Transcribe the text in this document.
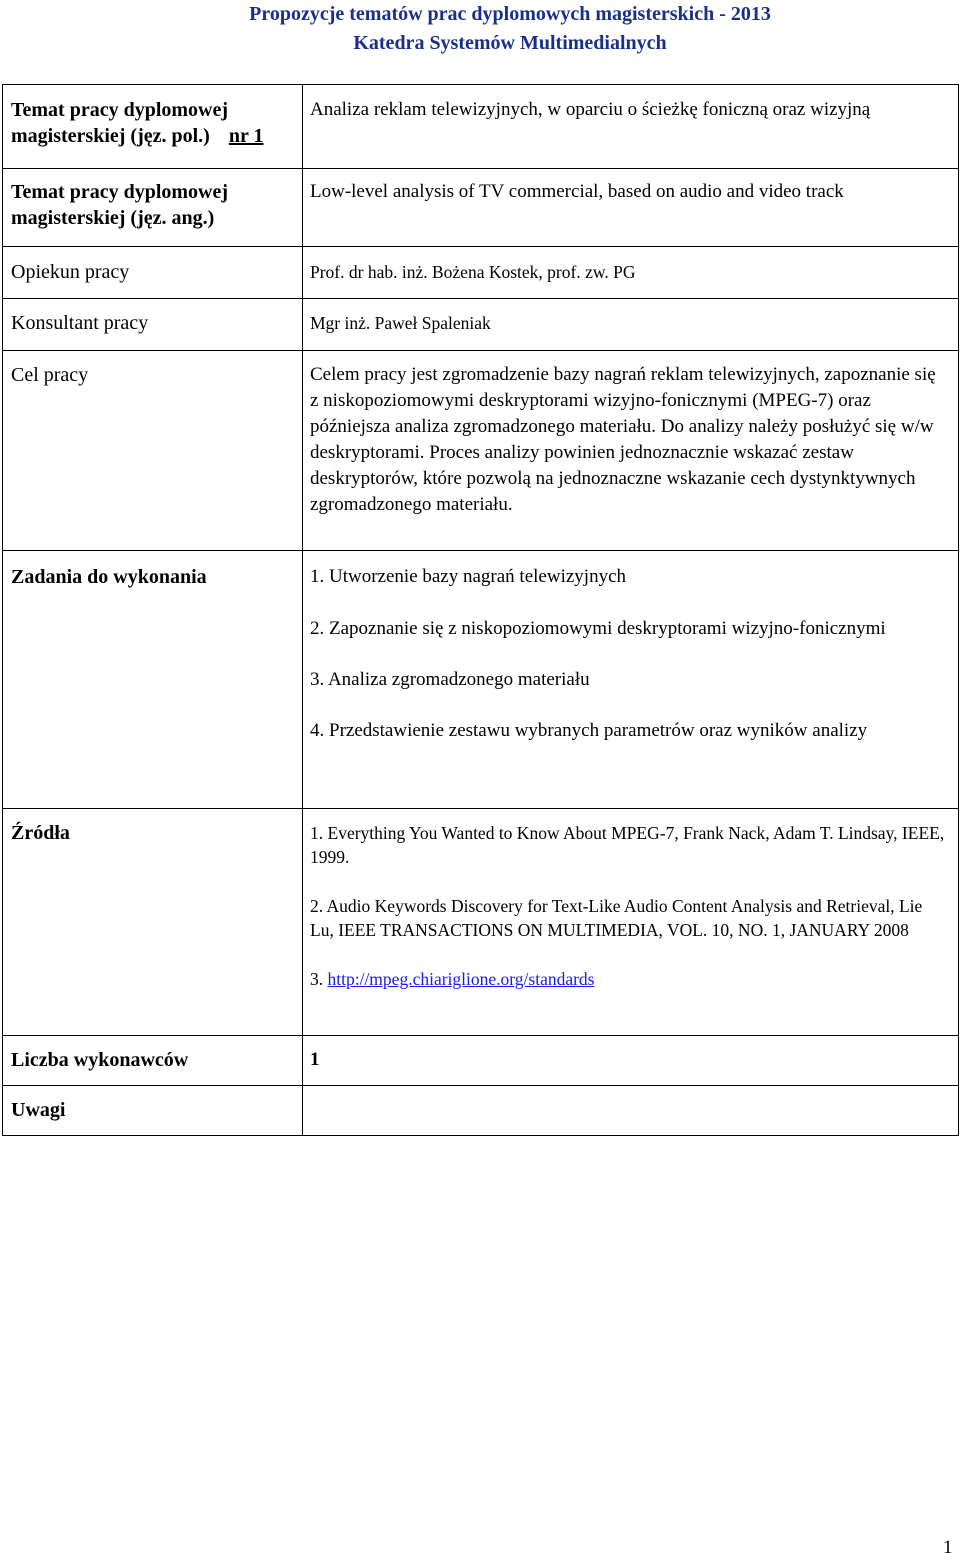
Propozycje tematów prac dyplomowych magisterskich - 2013
Katedra Systemów Multimedialnych
Temat pracy dyplomowej magisterskiej (jęz. pol.) nr 1	Analiza reklam telewizyjnych, w oparciu o ścieżkę foniczną oraz wizyjną

Temat pracy dyplomowej magisterskiej (jęz. ang.)	Low-level analysis of TV commercial, based on audio and video track

Opiekun pracy	Prof. dr hab. inż. Bożena Kostek, prof. zw. PG

Konsultant pracy	Mgr inż. Paweł Spaleniak

Cel pracy	Celem pracy jest zgromadzenie bazy nagrań reklam telewizyjnych, zapoznanie się z niskopoziomowymi deskryptorami wizyjno-fonicznymi (MPEG-7) oraz późniejsza analiza zgromadzonego materiału. Do analizy należy posłużyć się w/w deskryptorami. Proces analizy powinien jednoznacznie wskazać zestaw deskryptorów, które pozwolą na jednoznaczne wskazanie cech dystynktywnych zgromadzonego materiału.

Zadania do wykonania	1. Utworzenie bazy nagrań telewizyjnych
2. Zapoznanie się z niskopoziomowymi deskryptorami wizyjno-fonicznymi
3. Analiza zgromadzonego materiału
4. Przedstawienie zestawu wybranych parametrów oraz wyników analizy

Źródła	1. Everything You Wanted to Know About MPEG-7, Frank Nack, Adam T. Lindsay, IEEE, 1999.
2. Audio Keywords Discovery for Text-Like Audio Content Analysis and Retrieval, Lie Lu, IEEE TRANSACTIONS ON MULTIMEDIA, VOL. 10, NO. 1, JANUARY 2008
3. http://mpeg.chiariglione.org/standards

Liczba wykonawców	1

Uwagi	

1
